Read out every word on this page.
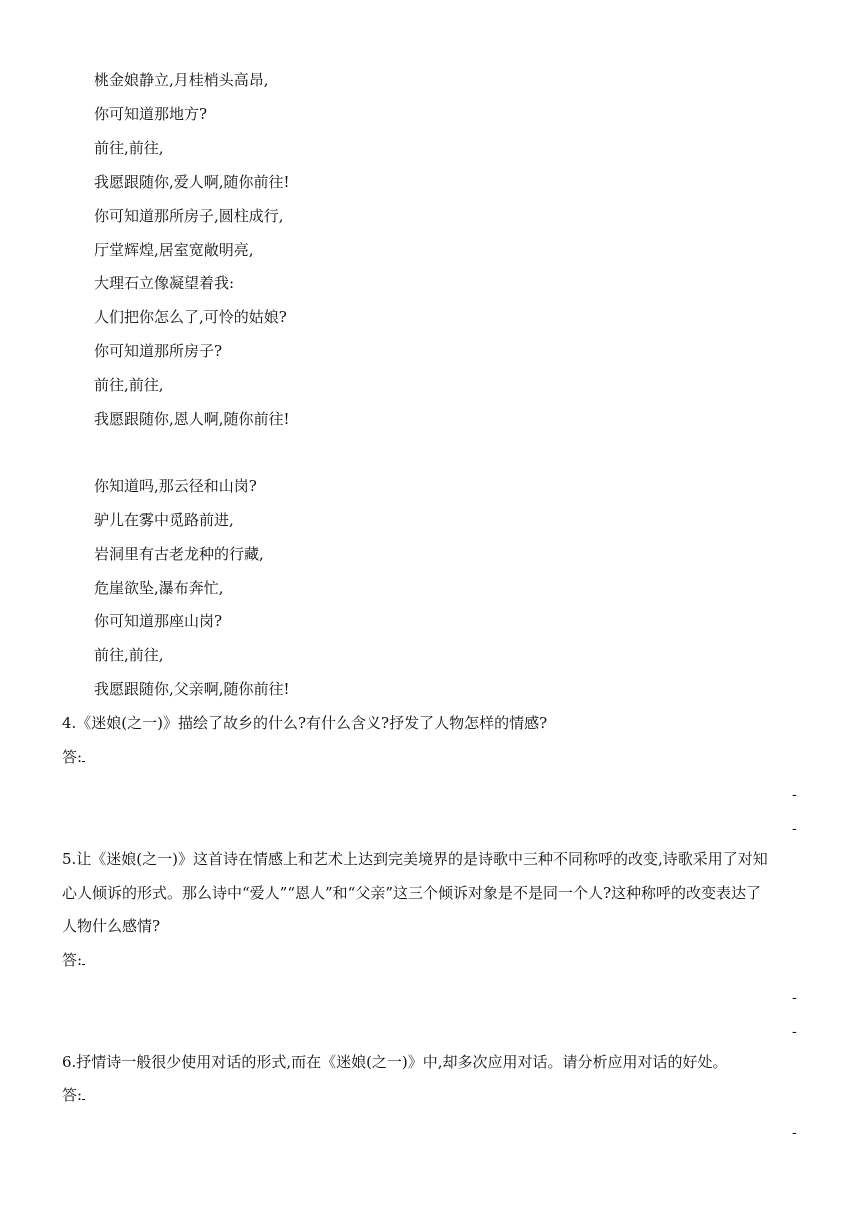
桃金娘静立,月桂梢头高昂,
你可知道那地方?
前往,前往,
我愿跟随你,爱人啊,随你前往!
你可知道那所房子,圆柱成行,
厅堂辉煌,居室宽敞明亮,
大理石立像凝望着我:
人们把你怎么了,可怜的姑娘?
你可知道那所房子?
前往,前往,
我愿跟随你,恩人啊,随你前往!
你知道吗,那云径和山岗?
驴儿在雾中觅路前进,
岩洞里有古老龙种的行藏,
危崖欲坠,瀑布奔忙,
你可知道那座山岗?
前往,前往,
我愿跟随你,父亲啊,随你前往!
4.《迷娘(之一)》描绘了故乡的什么?有什么含义?抒发了人物怎样的情感?
答:
-
-
5.让《迷娘(之一)》这首诗在情感上和艺术上达到完美境界的是诗歌中三种不同称呼的改变,诗歌采用了对知
心人倾诉的形式。那么诗中“爱人”“恩人”和“父亲”这三个倾诉对象是不是同一个人?这种称呼的改变表达了
人物什么感情?
答:
-
-
6.抒情诗一般很少使用对话的形式,而在《迷娘(之一)》中,却多次应用对话。请分析应用对话的好处。
答:
-
